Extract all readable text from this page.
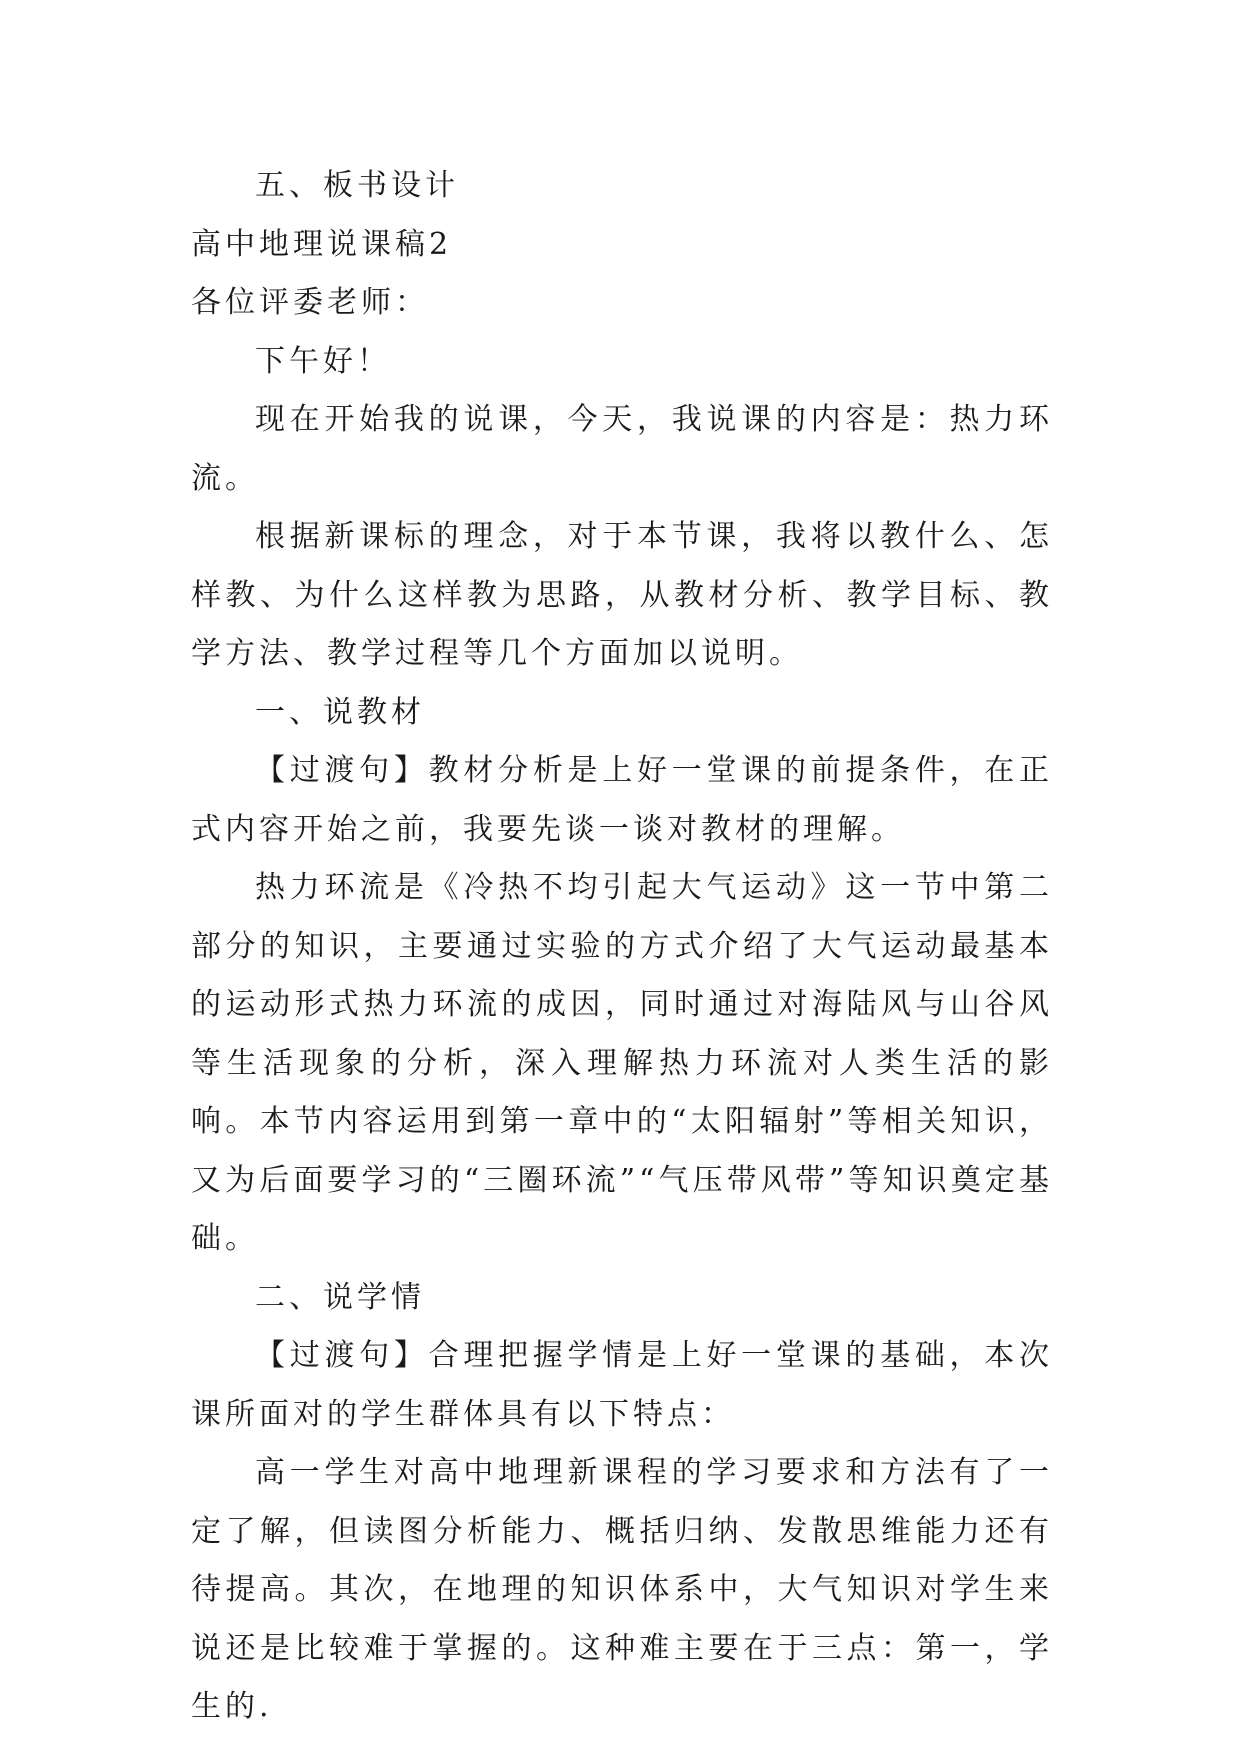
五、板书设计

高中地理说课稿2

各位评委老师：

下午好！

现在开始我的说课，今天，我说课的内容是：热力环流。

根据新课标的理念，对于本节课，我将以教什么、怎样教、为什么这样教为思路，从教材分析、教学目标、教学方法、教学过程等几个方面加以说明。

一、说教材

【过渡句】教材分析是上好一堂课的前提条件，在正式内容开始之前，我要先谈一谈对教材的理解。

热力环流是《冷热不均引起大气运动》这一节中第二部分的知识，主要通过实验的方式介绍了大气运动最基本的运动形式热力环流的成因，同时通过对海陆风与山谷风等生活现象的分析，深入理解热力环流对人类生活的影响。本节内容运用到第一章中的“太阳辐射”等相关知识，又为后面要学习的“三圈环流”“气压带风带”等知识奠定基础。

二、说学情

【过渡句】合理把握学情是上好一堂课的基础，本次课所面对的学生群体具有以下特点：

高一学生对高中地理新课程的学习要求和方法有了一定了解，但读图分析能力、概括归纳、发散思维能力还有待提高。其次，在地理的知识体系中，大气知识对学生来说还是比较难于掌握的。这种难主要在于三点：第一，学生的.
